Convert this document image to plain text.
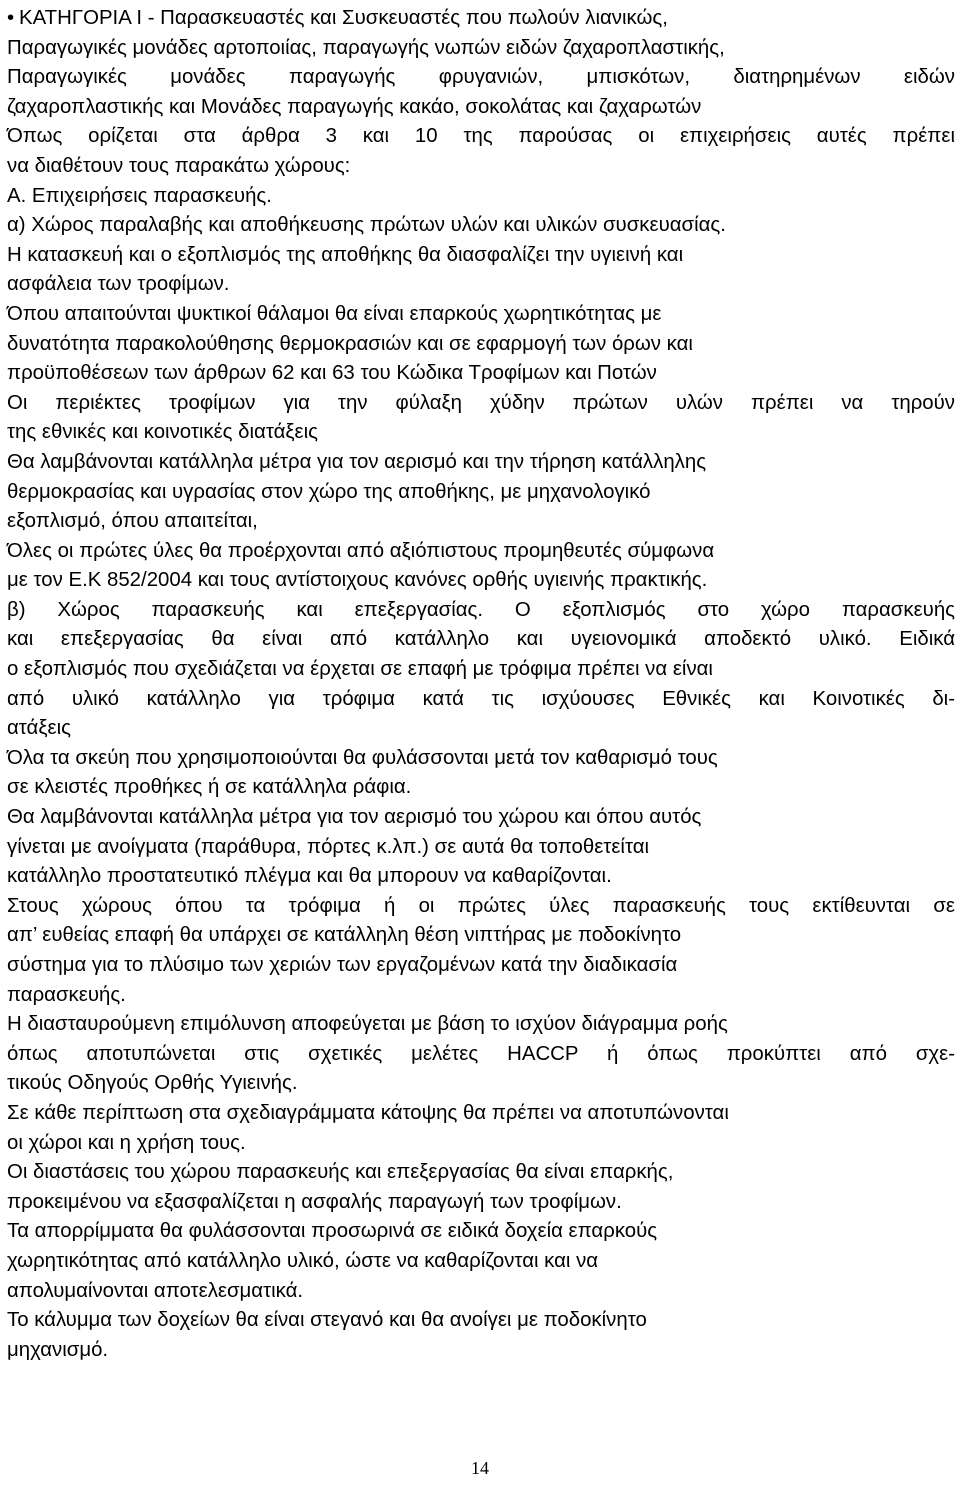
• ΚΑΤΗΓΟΡΙΑ Ι - Παρασκευαστές και Συσκευαστές που πωλούν λιανικώς,
Παραγωγικές μονάδες αρτοποιίας, παραγωγής νωπών ειδών ζαχαροπλαστικής,
Παραγωγικές μονάδες παραγωγής φρυγανιών, μπισκότων, διατηρημένων ειδών
ζαχαροπλαστικής και Μονάδες παραγωγής κακάο, σοκολάτας και ζαχαρωτών
Όπως ορίζεται στα άρθρα 3 και 10 της παρούσας οι επιχειρήσεις αυτές πρέπει
να διαθέτουν τους παρακάτω χώρους:
Α. Επιχειρήσεις παρασκευής.
α) Χώρος παραλαβής και αποθήκευσης πρώτων υλών και υλικών συσκευασίας.
Η κατασκευή και ο εξοπλισμός της αποθήκης θα διασφαλίζει την υγιεινή και
ασφάλεια των τροφίμων.
Όπου απαιτούνται ψυκτικοί θάλαμοι θα είναι επαρκούς χωρητικότητας με
δυνατότητα παρακολούθησης θερμοκρασιών και σε εφαρμογή των όρων και
προϋποθέσεων των άρθρων 62 και 63 του Κώδικα Τροφίμων και Ποτών
Οι περιέκτες τροφίμων για την φύλαξη χύδην πρώτων υλών πρέπει να τηρούν
της εθνικές και κοινοτικές διατάξεις
Θα λαμβάνονται κατάλληλα μέτρα για τον αερισμό και την τήρηση κατάλληλης
θερμοκρασίας και υγρασίας στον χώρο της αποθήκης, με μηχανολογικό
εξοπλισμό, όπου απαιτείται,
Όλες οι πρώτες ύλες θα προέρχονται από αξιόπιστους προμηθευτές σύμφωνα
με τον Ε.Κ 852/2004 και τους αντίστοιχους κανόνες ορθής υγιεινής πρακτικής.
β) Χώρος παρασκευής και επεξεργασίας. Ο εξοπλισμός στο χώρο παρασκευής
και επεξεργασίας θα είναι από κατάλληλο και υγειονομικά αποδεκτό υλικό. Ειδικά
ο εξοπλισμός που σχεδιάζεται να έρχεται σε επαφή με τρόφιμα πρέπει να είναι
από υλικό κατάλληλο για τρόφιμα κατά τις ισχύουσες Εθνικές και Κοινοτικές δι-
ατάξεις
Όλα τα σκεύη που χρησιμοποιούνται θα φυλάσσονται μετά τον καθαρισμό τους
σε κλειστές προθήκες ή σε κατάλληλα ράφια.
Θα λαμβάνονται κατάλληλα μέτρα για τον αερισμό του χώρου και όπου αυτός
γίνεται με ανοίγματα (παράθυρα, πόρτες κ.λπ.) σε αυτά θα τοποθετείται
κατάλληλο προστατευτικό πλέγμα και θα μπορουν να καθαρίζονται.
Στους χώρους όπου τα τρόφιμα ή οι πρώτες ύλες παρασκευής τους εκτίθευνται σε
απ’ ευθείας επαφή θα υπάρχει σε κατάλληλη θέση νιπτήρας με ποδοκίνητο
σύστημα για το πλύσιμο των χεριών των εργαζομένων κατά την διαδικασία
παρασκευής.
Η διασταυρούμενη επιμόλυνση αποφεύγεται με βάση το ισχύον διάγραμμα ροής
όπως αποτυπώνεται στις σχετικές μελέτες HACCP ή όπως προκύπτει από σχε-
τικούς Οδηγούς Ορθής Υγιεινής.
Σε κάθε περίπτωση στα σχεδιαγράμματα κάτοψης θα πρέπει να αποτυπώνονται
οι χώροι και η χρήση τους.
Οι διαστάσεις του χώρου παρασκευής και επεξεργασίας θα είναι επαρκής,
προκειμένου να εξασφαλίζεται η ασφαλής παραγωγή των τροφίμων.
Τα απορρίμματα θα φυλάσσονται προσωρινά σε ειδικά δοχεία επαρκούς
χωρητικότητας από κατάλληλο υλικό, ώστε να καθαρίζονται και να
απολυμαίνονται αποτελεσματικά.
Το κάλυμμα των δοχείων θα είναι στεγανό και θα ανοίγει με ποδοκίνητο
μηχανισμό.
14
